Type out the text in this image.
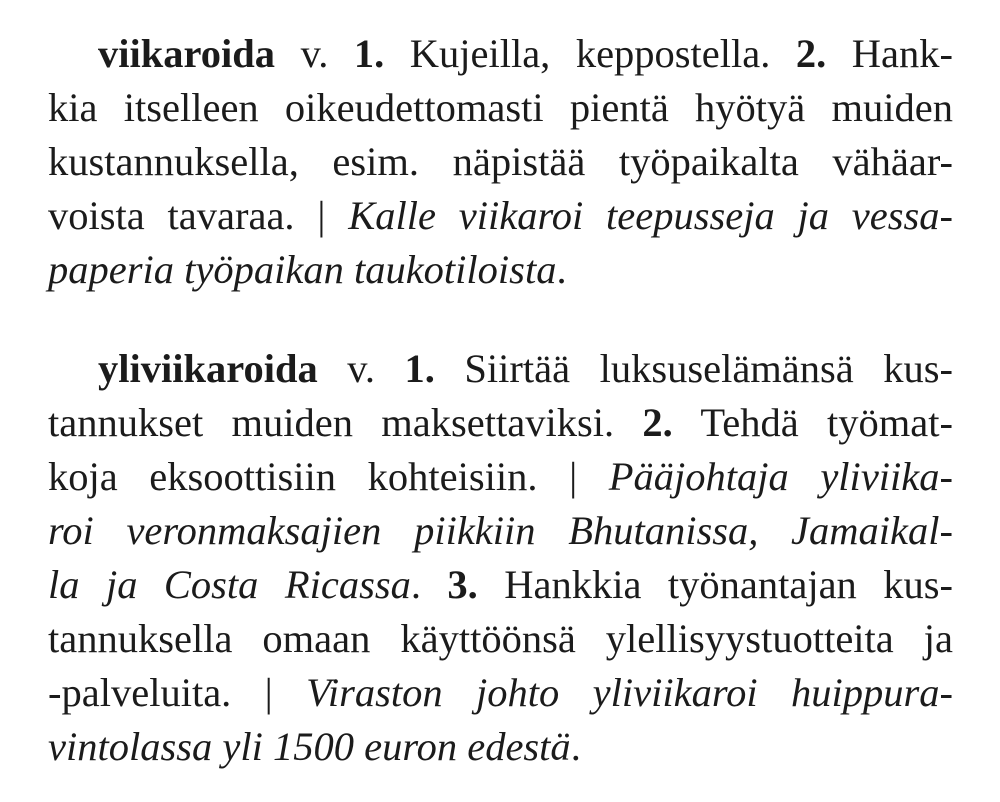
viikaroida v. 1. Kujeilla, keppostella. 2. Hank-
kia itselleen oikeudettomasti pientä hyötyä muiden
kustannuksella, esim. näpistää työpaikalta vähäar-
voista tavaraa. | Kalle viikaroi teepusseja ja vessa-
paperia työpaikan taukotiloista.
yliviikaroida v. 1. Siirtää luksuselämänsä kus-
tannukset muiden maksettaviksi. 2. Tehdä työmat-
koja eksoottisiin kohteisiin. | Pääjohtaja yliviika-
roi veronmaksajien piikkiin Bhutanissa, Jamaikal-
la ja Costa Ricassa. 3. Hankkia työnantajan kus-
tannuksella omaan käyttöönsä ylellisyystuotteita ja
-palveluita. | Viraston johto yliviikaroi huippura-
vintolassa yli 1500 euron edestä.
